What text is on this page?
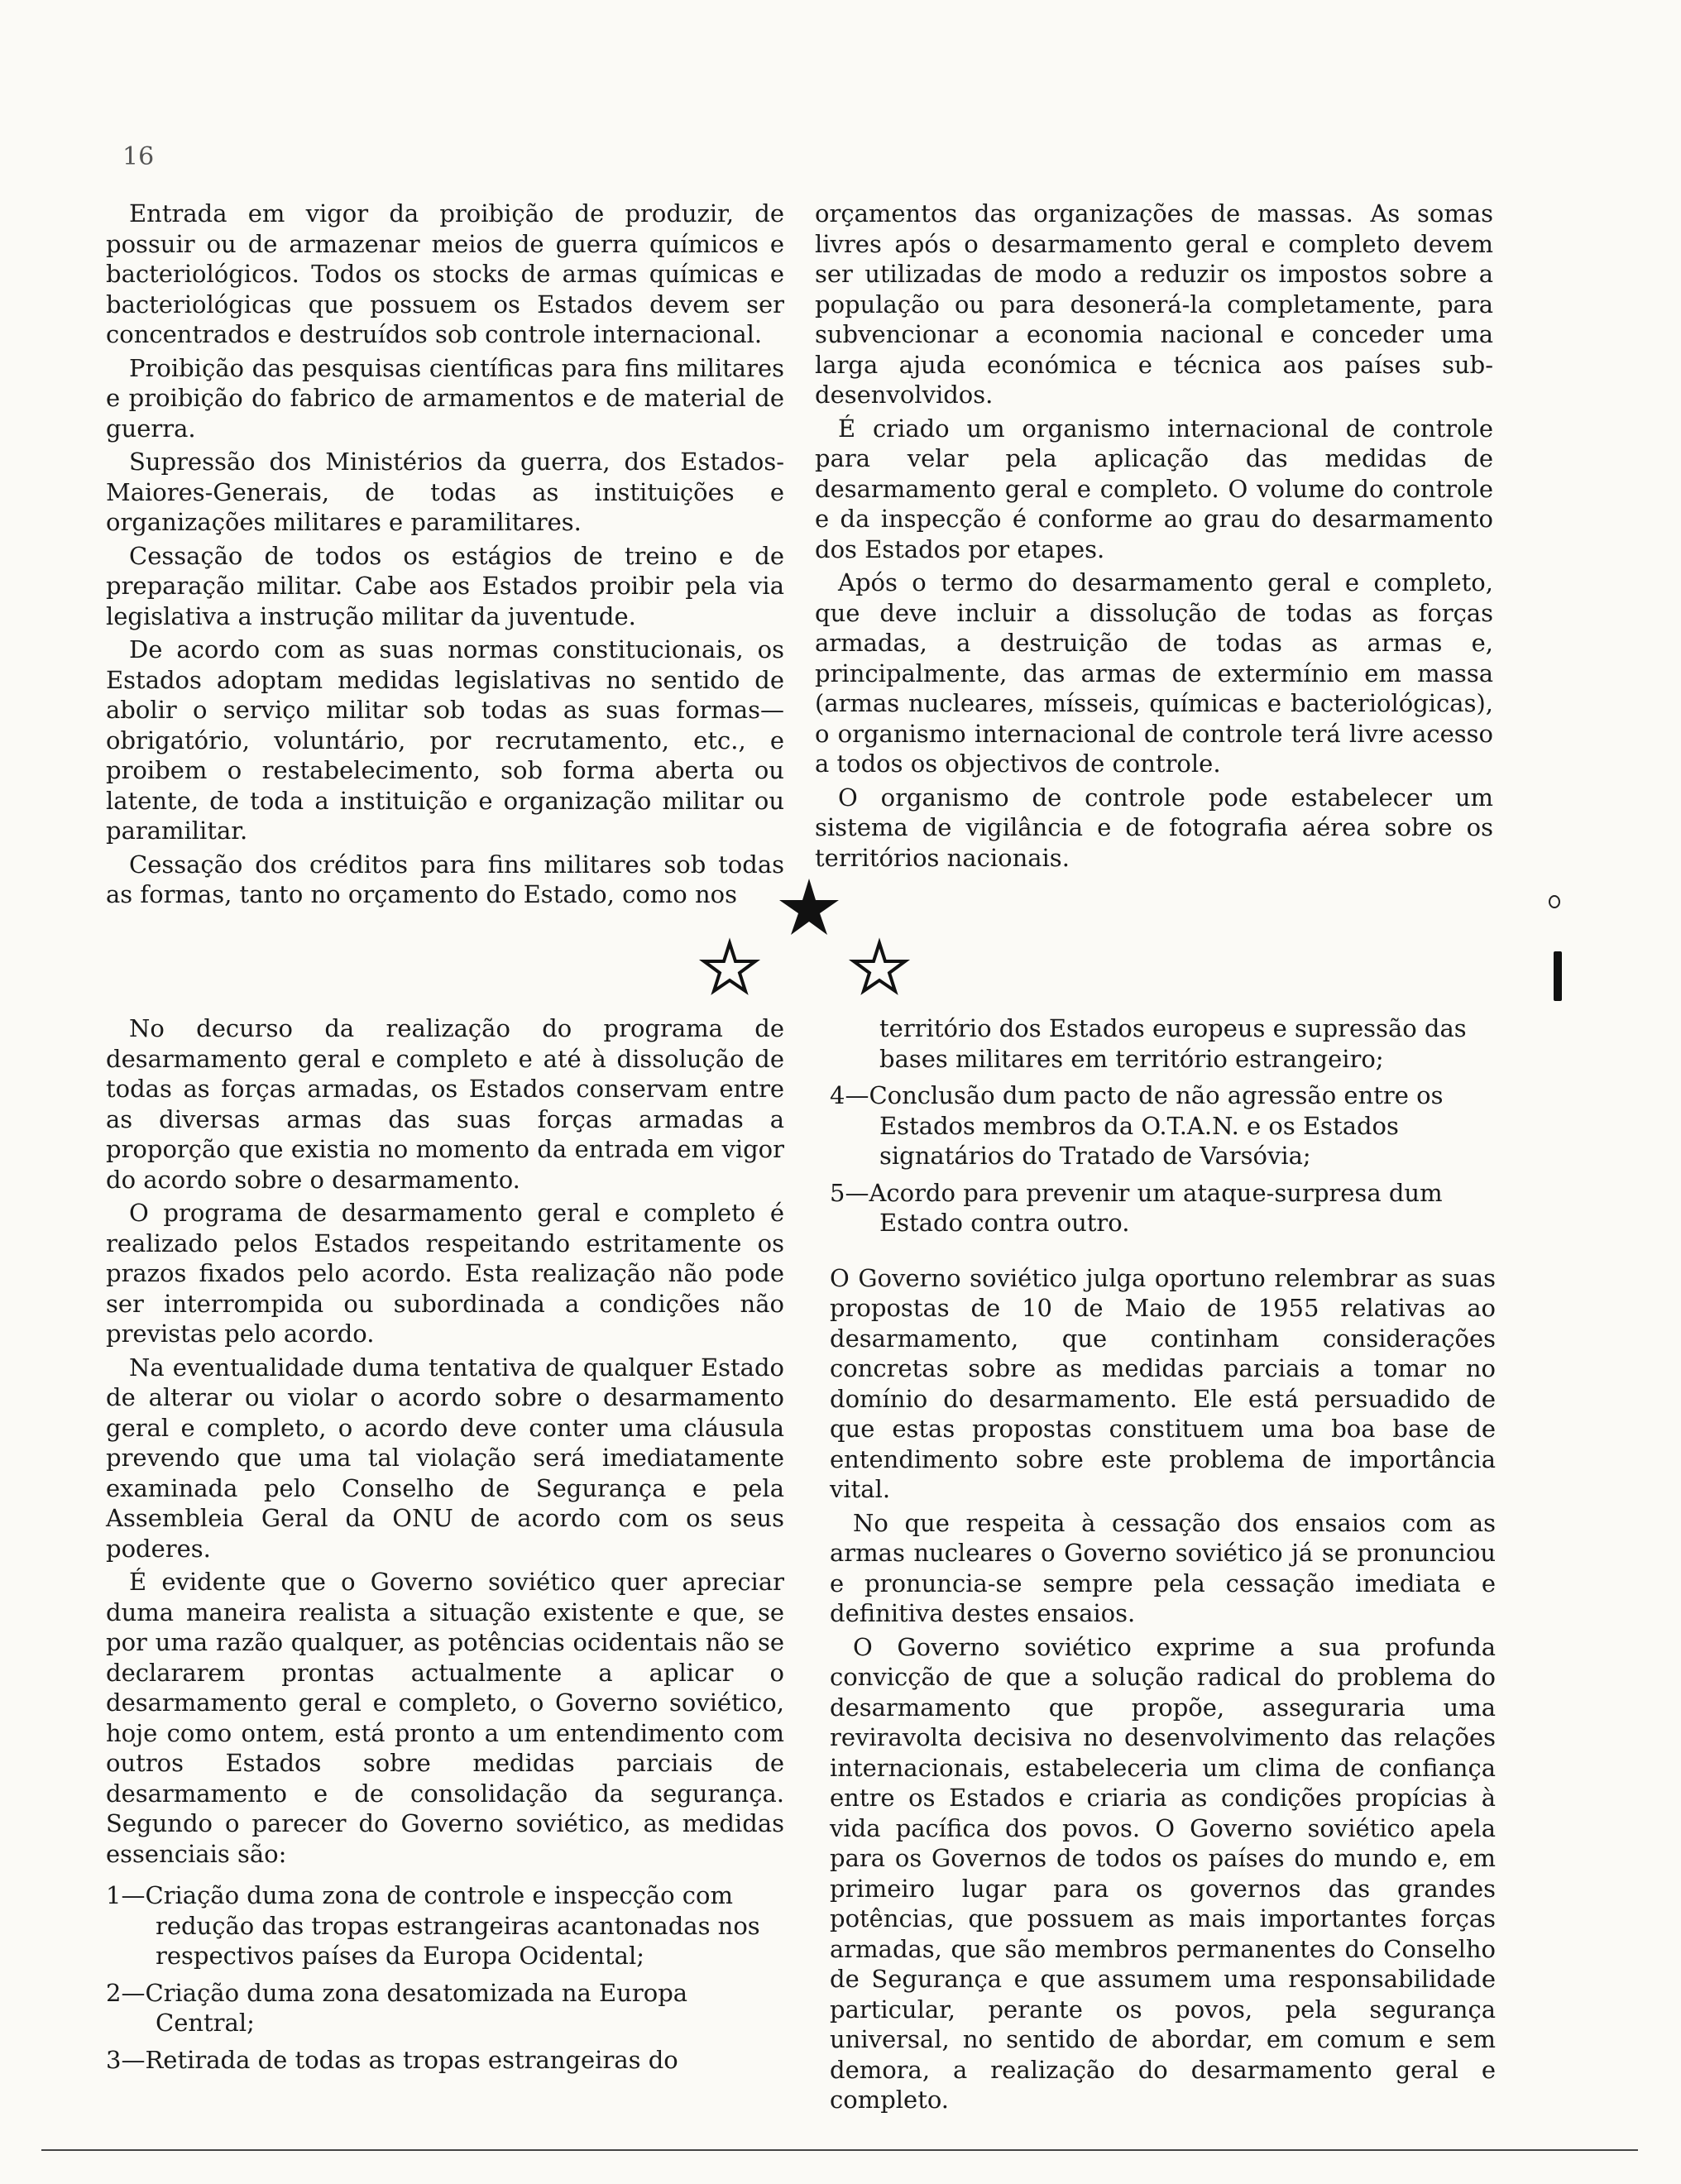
16

Entrada em vigor da proibição de produzir, de possuir ou de armazenar meios de guerra químicos e bacteriológicos. Todos os stocks de armas químicas e bacteriológicas que possuem os Estados devem ser concentrados e destruídos sob controle internacional.

Proibição das pesquisas científicas para fins militares e proibição do fabrico de armamentos e de material de guerra.

Supressão dos Ministérios da guerra, dos Estados-Maiores-Generais, de todas as instituições e organizações militares e paramilitares.

Cessação de todos os estágios de treino e de preparação militar. Cabe aos Estados proibir pela via legislativa a instrução militar da juventude.

De acordo com as suas normas constitucionais, os Estados adoptam medidas legislativas no sentido de abolir o serviço militar sob todas as suas formas—obrigatório, voluntário, por recrutamento, etc., e proibem o restabelecimento, sob forma aberta ou latente, de toda a instituição e organização militar ou paramilitar.

Cessação dos créditos para fins militares sob todas as formas, tanto no orçamento do Estado, como nos

orçamentos das organizações de massas. As somas livres após o desarmamento geral e completo devem ser utilizadas de modo a reduzir os impostos sobre a população ou para desonerá-la completamente, para subvencionar a economia nacional e conceder uma larga ajuda económica e técnica aos países sub-desenvolvidos.

É criado um organismo internacional de controle para velar pela aplicação das medidas de desarmamento geral e completo. O volume do controle e da inspecção é conforme ao grau do desarmamento dos Estados por etapes.

Após o termo do desarmamento geral e completo, que deve incluir a dissolução de todas as forças armadas, a destruição de todas as armas e, principalmente, das armas de extermínio em massa (armas nucleares, mísseis, químicas e bacteriológicas), o organismo internacional de controle terá livre acesso a todos os objectivos de controle.

O organismo de controle pode estabelecer um sistema de vigilância e de fotografia aérea sobre os territórios nacionais.

No decurso da realização do programa de desarmamento geral e completo e até à dissolução de todas as forças armadas, os Estados conservam entre as diversas armas das suas forças armadas a proporção que existia no momento da entrada em vigor do acordo sobre o desarmamento.

O programa de desarmamento geral e completo é realizado pelos Estados respeitando estritamente os prazos fixados pelo acordo. Esta realização não pode ser interrompida ou subordinada a condições não previstas pelo acordo.

Na eventualidade duma tentativa de qualquer Estado de alterar ou violar o acordo sobre o desarmamento geral e completo, o acordo deve conter uma cláusula prevendo que uma tal violação será imediatamente examinada pelo Conselho de Segurança e pela Assembleia Geral da ONU de acordo com os seus poderes.

É evidente que o Governo soviético quer apreciar duma maneira realista a situação existente e que, se por uma razão qualquer, as potências ocidentais não se declararem prontas actualmente a aplicar o desarmamento geral e completo, o Governo soviético, hoje como ontem, está pronto a um entendimento com outros Estados sobre medidas parciais de desarmamento e de consolidação da segurança. Segundo o parecer do Governo soviético, as medidas essenciais são:

1—Criação duma zona de controle e inspecção com redução das tropas estrangeiras acantonadas nos respectivos países da Europa Ocidental;
2—Criação duma zona desatomizada na Europa Central;
3—Retirada de todas as tropas estrangeiras do
território dos Estados europeus e supressão das bases militares em território estrangeiro;
4—Conclusão dum pacto de não agressão entre os Estados membros da O.T.A.N. e os Estados signatários do Tratado de Varsóvia;
5—Acordo para prevenir um ataque-surpresa dum Estado contra outro.

O Governo soviético julga oportuno relembrar as suas propostas de 10 de Maio de 1955 relativas ao desarmamento, que continham considerações concretas sobre as medidas parciais a tomar no domínio do desarmamento. Ele está persuadido de que estas propostas constituem uma boa base de entendimento sobre este problema de importância vital.

No que respeita à cessação dos ensaios com as armas nucleares o Governo soviético já se pronunciou e pronuncia-se sempre pela cessação imediata e definitiva destes ensaios.

O Governo soviético exprime a sua profunda convicção de que a solução radical do problema do desarmamento que propõe, asseguraria uma reviravolta decisiva no desenvolvimento das relações internacionais, estabeleceria um clima de confiança entre os Estados e criaria as condições propícias à vida pacífica dos povos. O Governo soviético apela para os Governos de todos os países do mundo e, em primeiro lugar para os governos das grandes potências, que possuem as mais importantes forças armadas, que são membros permanentes do Conselho de Segurança e que assumem uma responsabilidade particular, perante os povos, pela segurança universal, no sentido de abordar, em comum e sem demora, a realização do desarmamento geral e completo.
